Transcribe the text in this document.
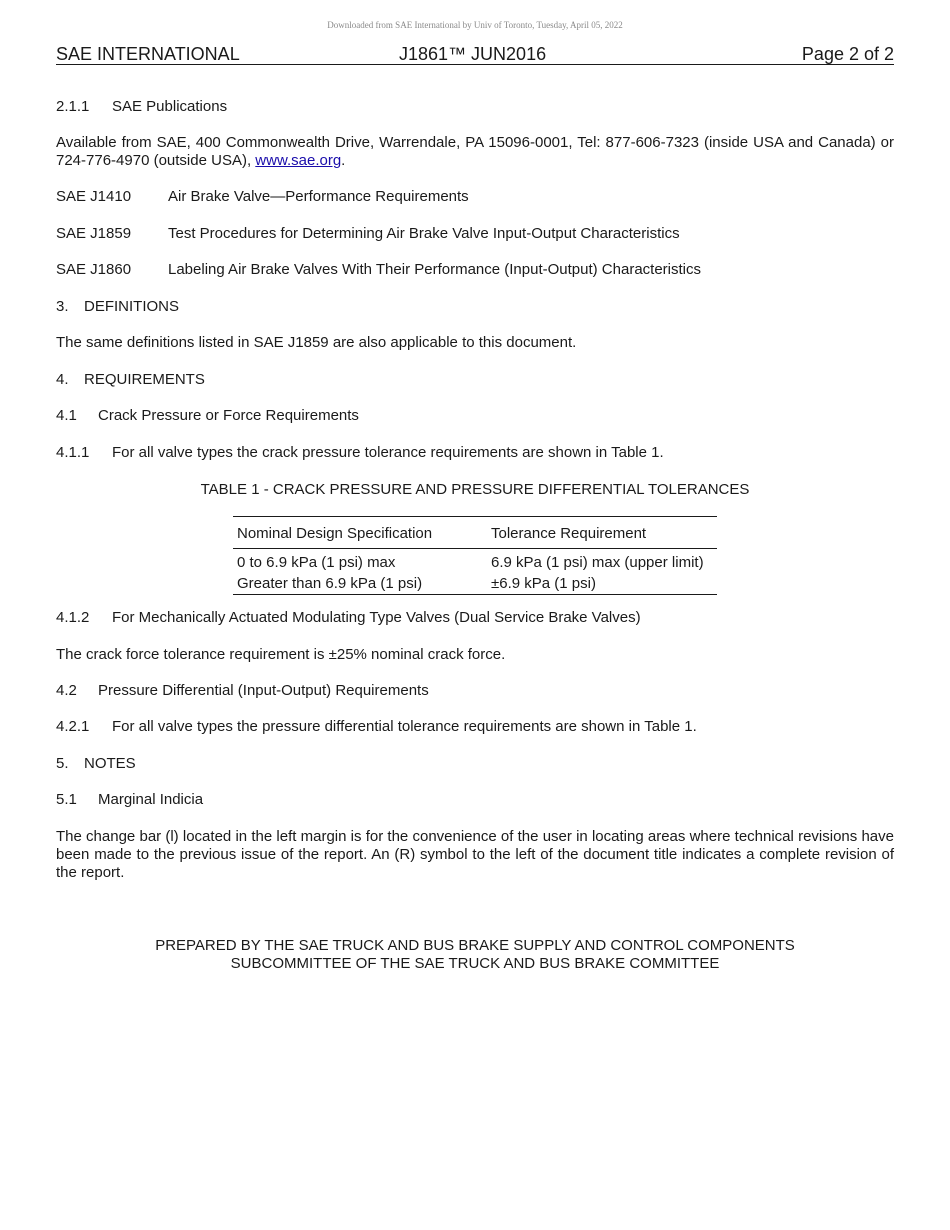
Downloaded from SAE International by Univ of Toronto, Tuesday, April 05, 2022
SAE INTERNATIONAL	J1861™ JUN2016	Page 2 of 2
2.1.1 SAE Publications
Available from SAE, 400 Commonwealth Drive, Warrendale, PA 15096-0001, Tel: 877-606-7323 (inside USA and Canada) or 724-776-4970 (outside USA), www.sae.org.
SAE J1410 Air Brake Valve—Performance Requirements
SAE J1859 Test Procedures for Determining Air Brake Valve Input-Output Characteristics
SAE J1860 Labeling Air Brake Valves With Their Performance (Input-Output) Characteristics
3. DEFINITIONS
The same definitions listed in SAE J1859 are also applicable to this document.
4. REQUIREMENTS
4.1 Crack Pressure or Force Requirements
4.1.1 For all valve types the crack pressure tolerance requirements are shown in Table 1.
TABLE 1 - CRACK PRESSURE AND PRESSURE DIFFERENTIAL TOLERANCES
Nominal Design Specification	Tolerance Requirement
0 to 6.9 kPa (1 psi) max	6.9 kPa (1 psi) max (upper limit)
Greater than 6.9 kPa (1 psi)	±6.9 kPa (1 psi)
4.1.2 For Mechanically Actuated Modulating Type Valves (Dual Service Brake Valves)
The crack force tolerance requirement is ±25% nominal crack force.
4.2 Pressure Differential (Input-Output) Requirements
4.2.1 For all valve types the pressure differential tolerance requirements are shown in Table 1.
5. NOTES
5.1 Marginal Indicia
The change bar (l) located in the left margin is for the convenience of the user in locating areas where technical revisions have been made to the previous issue of the report. An (R) symbol to the left of the document title indicates a complete revision of the report.
PREPARED BY THE SAE TRUCK AND BUS BRAKE SUPPLY AND CONTROL COMPONENTS
SUBCOMMITTEE OF THE SAE TRUCK AND BUS BRAKE COMMITTEE
